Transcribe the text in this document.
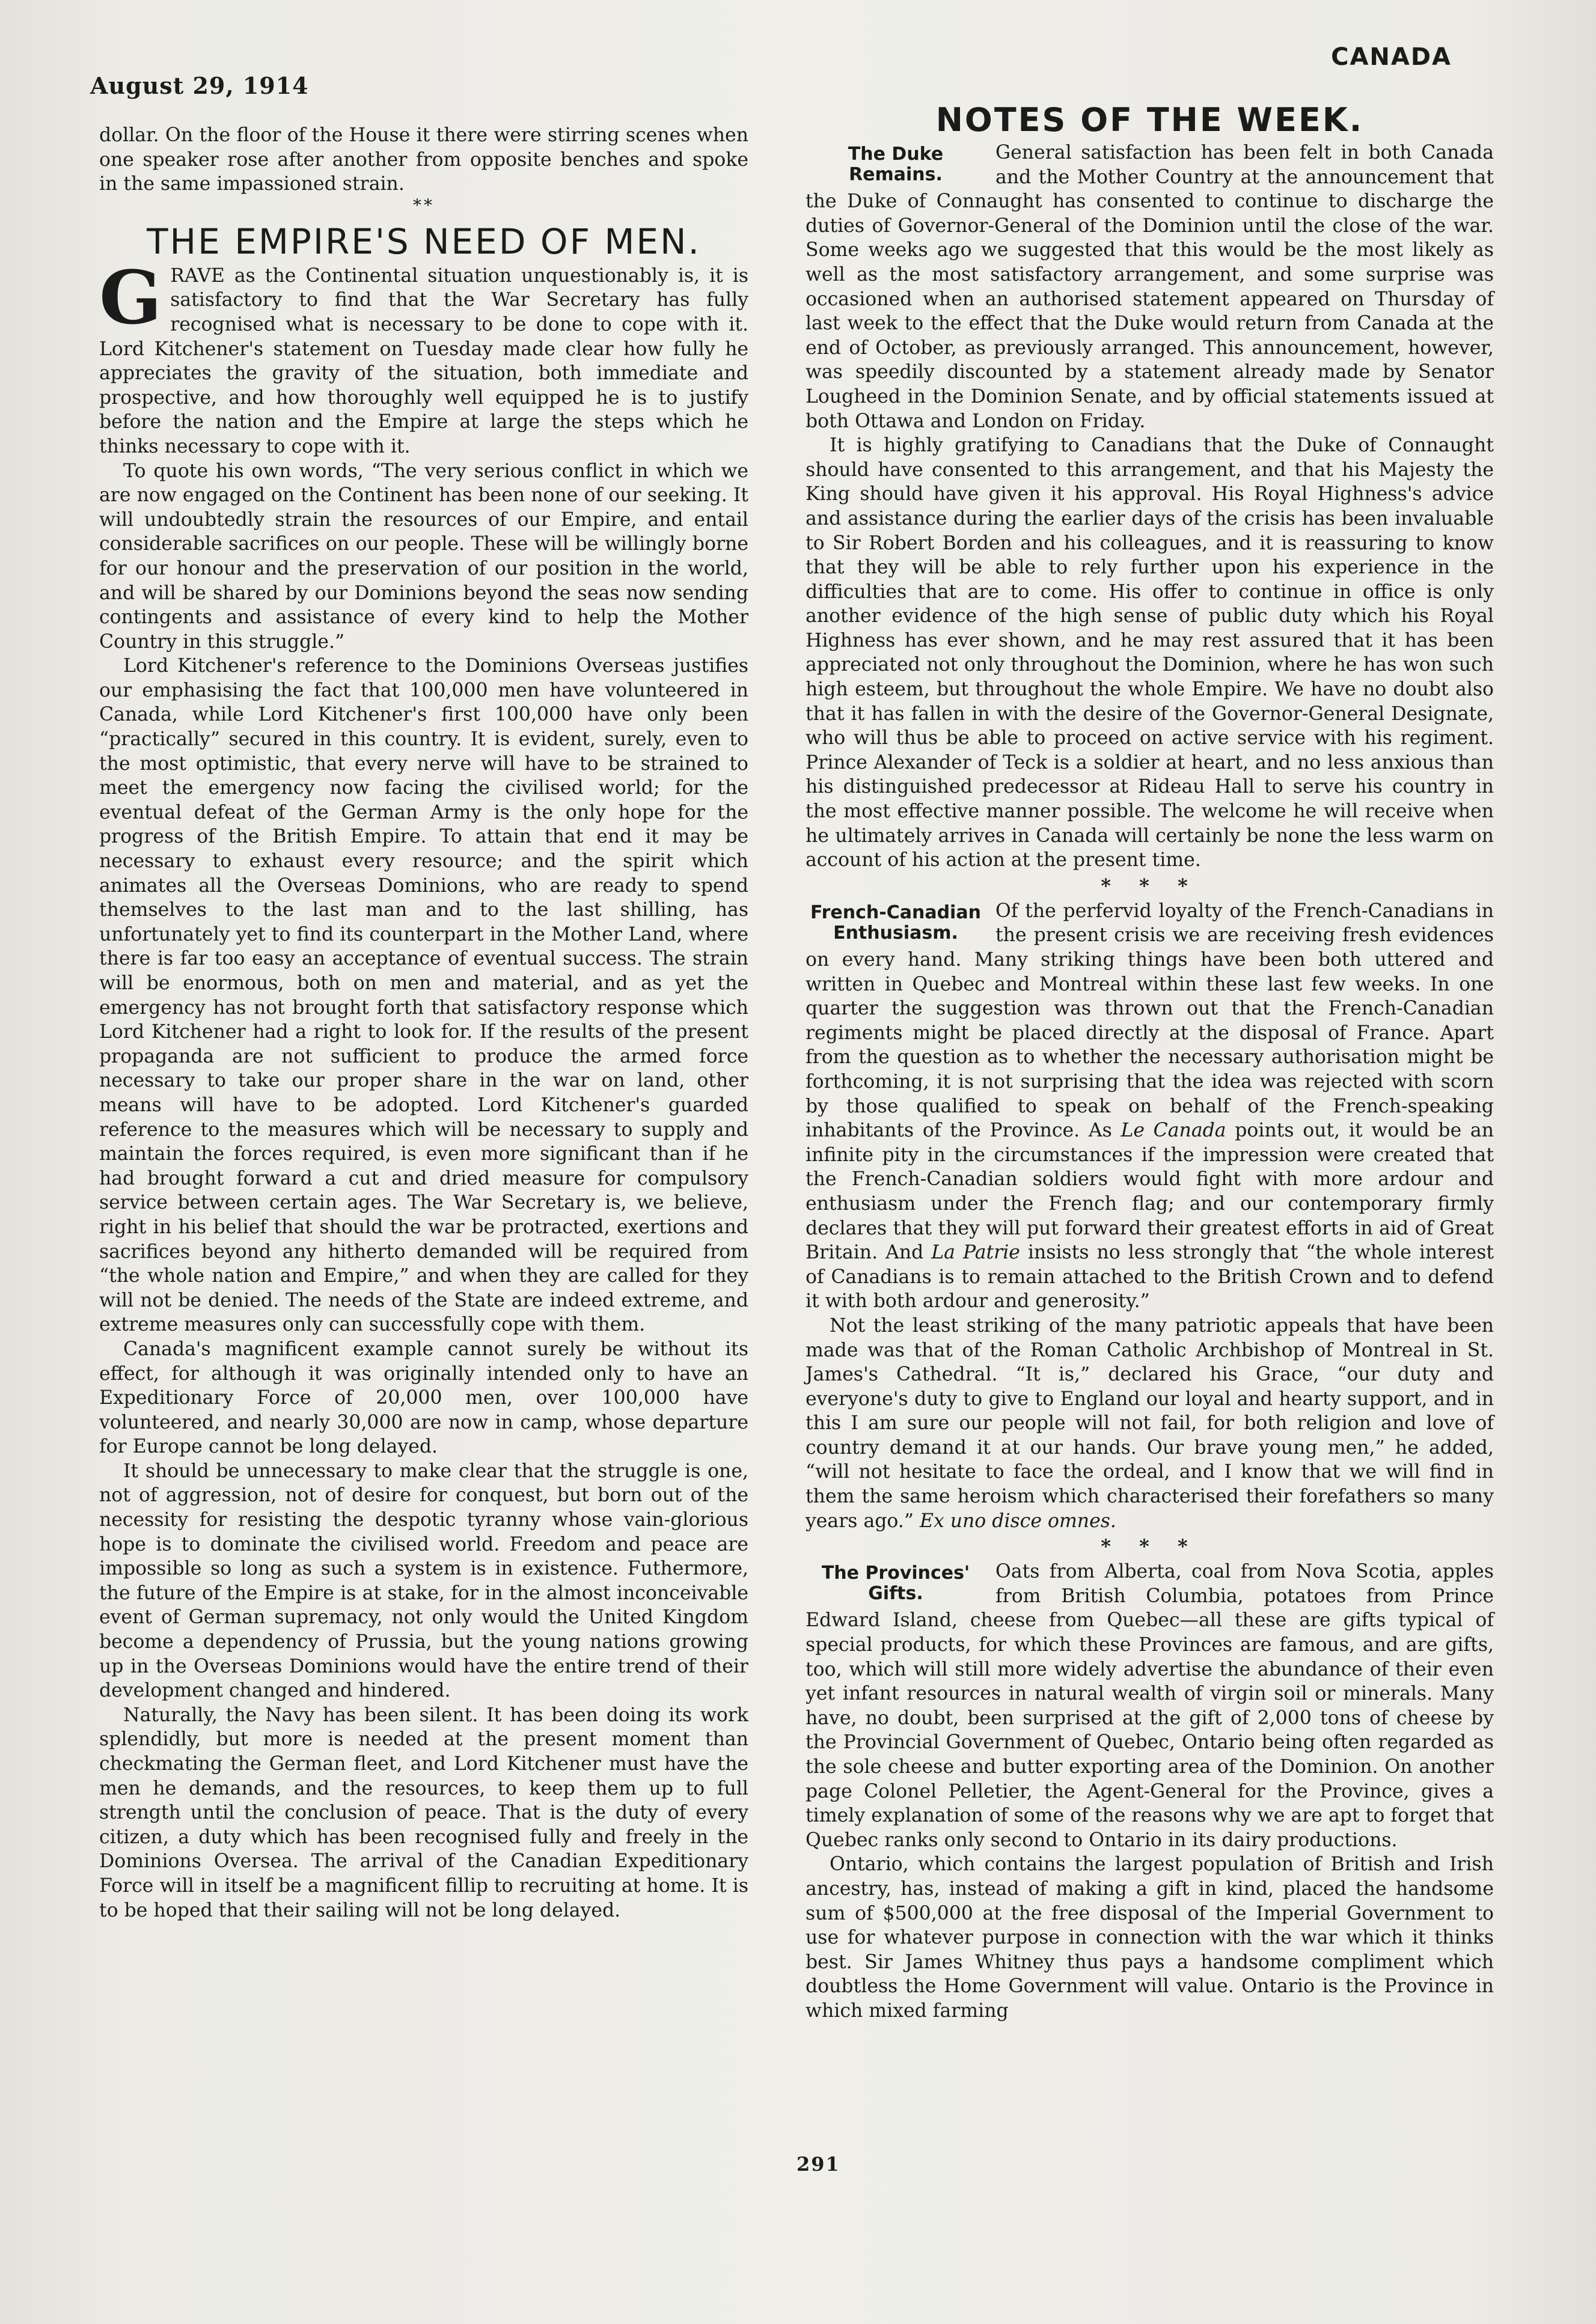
August 29, 1914
CANADA

dollar. On the floor of the House it there were stirring scenes when one speaker rose after another from opposite benches and spoke in the same impassioned strain.

**
THE EMPIRE'S NEED OF MEN.

GRAVE as the Continental situation unquestionably is, it is satisfactory to find that the War Secretary has fully recognised what is necessary to be done to cope with it. Lord Kitchener's statement on Tuesday made clear how fully he appreciates the gravity of the situation, both immediate and prospective, and how thoroughly well equipped he is to justify before the nation and the Empire at large the steps which he thinks necessary to cope with it.

To quote his own words, “The very serious conflict in which we are now engaged on the Continent has been none of our seeking. It will undoubtedly strain the resources of our Empire, and entail considerable sacrifices on our people. These will be willingly borne for our honour and the preservation of our position in the world, and will be shared by our Dominions beyond the seas now sending contingents and assistance of every kind to help the Mother Country in this struggle.”

Lord Kitchener's reference to the Dominions Overseas justifies our emphasising the fact that 100,000 men have volunteered in Canada, while Lord Kitchener's first 100,000 have only been “practically” secured in this country. It is evident, surely, even to the most optimistic, that every nerve will have to be strained to meet the emergency now facing the civilised world; for the eventual defeat of the German Army is the only hope for the progress of the British Empire. To attain that end it may be necessary to exhaust every resource; and the spirit which animates all the Overseas Dominions, who are ready to spend themselves to the last man and to the last shilling, has unfortunately yet to find its counterpart in the Mother Land, where there is far too easy an acceptance of eventual success. The strain will be enormous, both on men and material, and as yet the emergency has not brought forth that satisfactory response which Lord Kitchener had a right to look for. If the results of the present propaganda are not sufficient to produce the armed force necessary to take our proper share in the war on land, other means will have to be adopted. Lord Kitchener's guarded reference to the measures which will be necessary to supply and maintain the forces required, is even more significant than if he had brought forward a cut and dried measure for compulsory service between certain ages. The War Secretary is, we believe, right in his belief that should the war be protracted, exertions and sacrifices beyond any hitherto demanded will be required from “the whole nation and Empire,” and when they are called for they will not be denied. The needs of the State are indeed extreme, and extreme measures only can successfully cope with them.

Canada's magnificent example cannot surely be without its effect, for although it was originally intended only to have an Expeditionary Force of 20,000 men, over 100,000 have volunteered, and nearly 30,000 are now in camp, whose departure for Europe cannot be long delayed.

It should be unnecessary to make clear that the struggle is one, not of aggression, not of desire for conquest, but born out of the necessity for resisting the despotic tyranny whose vain-glorious hope is to dominate the civilised world. Freedom and peace are impossible so long as such a system is in existence. Futhermore, the future of the Empire is at stake, for in the almost inconceivable event of German supremacy, not only would the United Kingdom become a dependency of Prussia, but the young nations growing up in the Overseas Dominions would have the entire trend of their development changed and hindered.

Naturally, the Navy has been silent. It has been doing its work splendidly, but more is needed at the present moment than checkmating the German fleet, and Lord Kitchener must have the men he demands, and the resources, to keep them up to full strength until the conclusion of peace. That is the duty of every citizen, a duty which has been recognised fully and freely in the Dominions Oversea. The arrival of the Canadian Expeditionary Force will in itself be a magnificent fillip to recruiting at home. It is to be hoped that their sailing will not be long delayed.

NOTES OF THE WEEK.
The Duke
Remains.

General satisfaction has been felt in both Canada and the Mother Country at the announcement that the Duke of Connaught has consented to continue to discharge the duties of Governor-General of the Dominion until the close of the war. Some weeks ago we suggested that this would be the most likely as well as the most satisfactory arrangement, and some surprise was occasioned when an authorised statement appeared on Thursday of last week to the effect that the Duke would return from Canada at the end of October, as previously arranged. This announcement, however, was speedily discounted by a statement already made by Senator Lougheed in the Dominion Senate, and by official statements issued at both Ottawa and London on Friday.

It is highly gratifying to Canadians that the Duke of Connaught should have consented to this arrangement, and that his Majesty the King should have given it his approval. His Royal Highness's advice and assistance during the earlier days of the crisis has been invaluable to Sir Robert Borden and his colleagues, and it is reassuring to know that they will be able to rely further upon his experience in the difficulties that are to come. His offer to continue in office is only another evidence of the high sense of public duty which his Royal Highness has ever shown, and he may rest assured that it has been appreciated not only throughout the Dominion, where he has won such high esteem, but throughout the whole Empire. We have no doubt also that it has fallen in with the desire of the Governor-General Designate, who will thus be able to proceed on active service with his regiment. Prince Alexander of Teck is a soldier at heart, and no less anxious than his distinguished predecessor at Rideau Hall to serve his country in the most effective manner possible. The welcome he will receive when he ultimately arrives in Canada will certainly be none the less warm on account of his action at the present time.

* * *
French-Canadian
Enthusiasm.

Of the perfervid loyalty of the French-Canadians in the present crisis we are receiving fresh evidences on every hand. Many striking things have been both uttered and written in Quebec and Montreal within these last few weeks. In one quarter the suggestion was thrown out that the French-Canadian regiments might be placed directly at the disposal of France. Apart from the question as to whether the necessary authorisation might be forthcoming, it is not surprising that the idea was rejected with scorn by those qualified to speak on behalf of the French-speaking inhabitants of the Province. As Le Canada points out, it would be an infinite pity in the circumstances if the impression were created that the French-Canadian soldiers would fight with more ardour and enthusiasm under the French flag; and our contemporary firmly declares that they will put forward their greatest efforts in aid of Great Britain. And La Patrie insists no less strongly that “the whole interest of Canadians is to remain attached to the British Crown and to defend it with both ardour and generosity.”

Not the least striking of the many patriotic appeals that have been made was that of the Roman Catholic Archbishop of Montreal in St. James's Cathedral. “It is,” declared his Grace, “our duty and everyone's duty to give to England our loyal and hearty support, and in this I am sure our people will not fail, for both religion and love of country demand it at our hands. Our brave young men,” he added, “will not hesitate to face the ordeal, and I know that we will find in them the same heroism which characterised their forefathers so many years ago.” Ex uno disce omnes.

* * *
The Provinces'
Gifts.

Oats from Alberta, coal from Nova Scotia, apples from British Columbia, potatoes from Prince Edward Island, cheese from Quebec—all these are gifts typical of special products, for which these Provinces are famous, and are gifts, too, which will still more widely advertise the abundance of their even yet infant resources in natural wealth of virgin soil or minerals. Many have, no doubt, been surprised at the gift of 2,000 tons of cheese by the Provincial Government of Quebec, Ontario being often regarded as the sole cheese and butter exporting area of the Dominion. On another page Colonel Pelletier, the Agent-General for the Province, gives a timely explanation of some of the reasons why we are apt to forget that Quebec ranks only second to Ontario in its dairy productions.

Ontario, which contains the largest population of British and Irish ancestry, has, instead of making a gift in kind, placed the handsome sum of $500,000 at the free disposal of the Imperial Government to use for whatever purpose in connection with the war which it thinks best. Sir James Whitney thus pays a handsome compliment which doubtless the Home Government will value. Ontario is the Province in which mixed farming

291
